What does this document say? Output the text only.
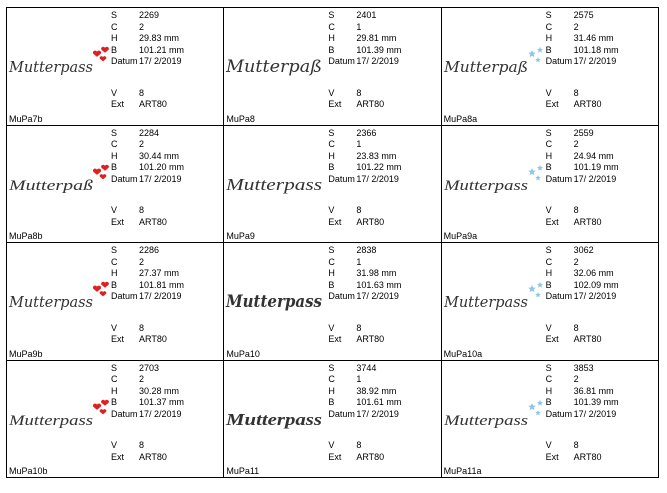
Mutterpass
MuPa7b
S 2269
C 2
H 29.83 mm
B 101.21 mm
Datum 17/ 2/2019
V 8
Ext ART80
Mutterpaß
MuPa8
S 2401
C 1
H 29.81 mm
B 101.39 mm
Datum 17/ 2/2019
V 8
Ext ART80
Mutterpaß
MuPa8a
S 2575
C 2
H 31.46 mm
B 101.18 mm
Datum 17/ 2/2019
V 8
Ext ART80
Mutterpaß
MuPa8b
S 2284
C 2
H 30.44 mm
B 101.20 mm
Datum 17/ 2/2019
V 8
Ext ART80
Mutterpass
MuPa9
S 2366
C 1
H 23.83 mm
B 101.22 mm
Datum 17/ 2/2019
V 8
Ext ART80
Mutterpass
MuPa9a
S 2559
C 2
H 24.94 mm
B 101.19 mm
Datum 17/ 2/2019
V 8
Ext ART80
Mutterpass
MuPa9b
S 2286
C 2
H 27.37 mm
B 101.81 mm
Datum 17/ 2/2019
V 8
Ext ART80
Mutterpass
MuPa10
S 2838
C 1
H 31.98 mm
B 101.63 mm
Datum 17/ 2/2019
V 8
Ext ART80
Mutterpass
MuPa10a
S 3062
C 2
H 32.06 mm
B 102.09 mm
Datum 17/ 2/2019
V 8
Ext ART80
Mutterpass
MuPa10b
S 2703
C 2
H 30.28 mm
B 101.37 mm
Datum 17/ 2/2019
V 8
Ext ART80
Mutterpass
MuPa11
S 3744
C 1
H 38.92 mm
B 101.61 mm
Datum 17/ 2/2019
V 8
Ext ART80
Mutterpass
MuPa11a
S 3853
C 2
H 36.81 mm
B 101.39 mm
Datum 17/ 2/2019
V 8
Ext ART80
